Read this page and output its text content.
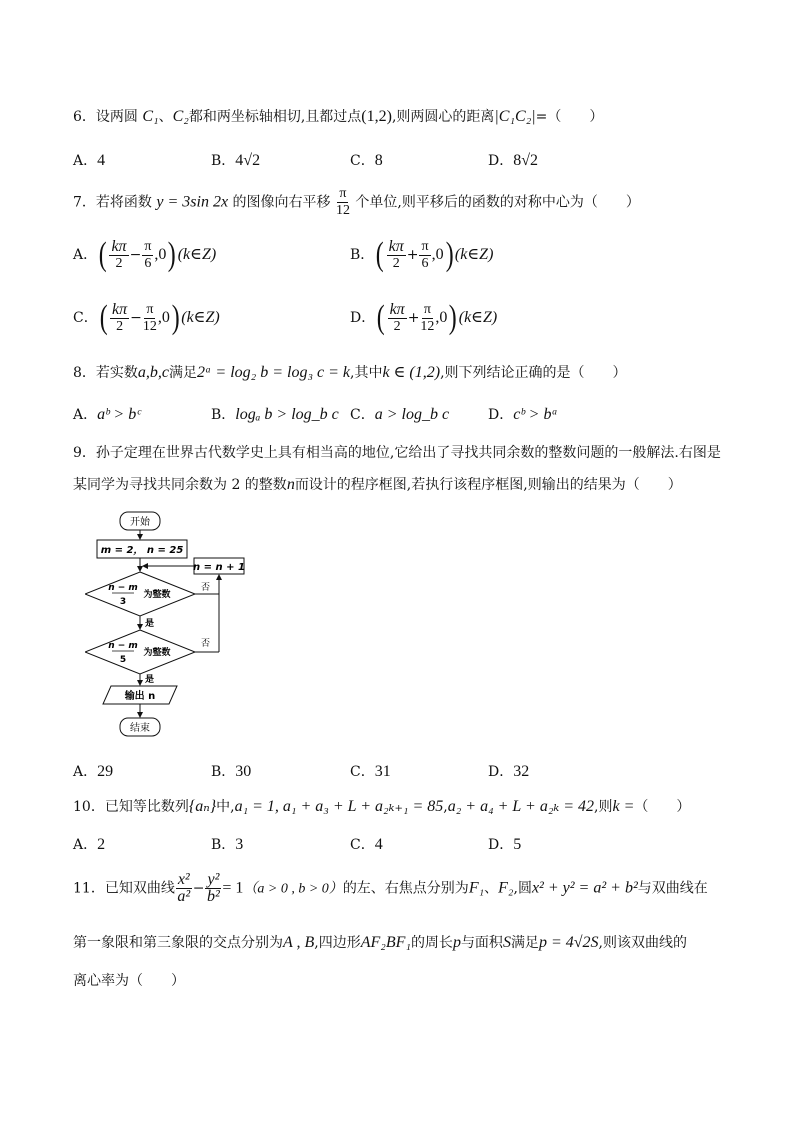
6．设两圆 C₁、C₂都和两坐标轴相切,且都过点(1,2),则两圆心的距离|C₁C₂|=（　　）
A．4	B．4√2	C．8	D．8√2
7．若将函数 y = 3sin 2x 的图像向右平移 $\frac{\pi}{12}$ 个单位,则平移后的函数的对称中心为（　　）
A．( $\frac{k\pi}{2} - \frac{\pi}{6} ,0$) (k∈Z)	B．( $\frac{k\pi}{2} + \frac{\pi}{6} ,0$) (k∈Z)
C．( $\frac{k\pi}{2} - \frac{\pi}{12} ,0$) (k∈Z)	D．( $\frac{k\pi}{2} + \frac{\pi}{12} ,0$) (k∈Z)
8．若实数a,b,c满足2ᵃ = log₂ b = log₃ c = k,其中k ∈ (1,2),则下列结论正确的是（　　）
A．aᵇ > bᶜ	B．logₐ b > log_b c C．a > log_b c	D．cᵇ > bᵃ
9．孙子定理在世界古代数学史上具有相当高的地位,它给出了寻找共同余数的整数问题的一般解法.右图是
某同学为寻找共同余数为 2 的整数n而设计的程序框图,若执行该程序框图,则输出的结果为（　　）
开始
m = 2， n = 25
n = n + 1
n − m
3
为整数
否
是
n − m
5
为整数
否
是
输出 n
结束
A．29	B．30	C．31	D．32
10．已知等比数列{aₙ}中,a₁ = 1, a₁ + a₃ + L + a₂ₖ₊₁ = 85,a₂ + a₄ + L + a₂ₖ = 42,则k =（　　）
A．2	B．3	C．4	D．5
11．已知双曲线 $\frac{\text{x²}}{\text{a²}} - \frac{\text{y²}}{\text{b²}} = 1(a > 0$ , b > 0）的左、右焦点分别为F₁、F₂,圆x² + y² = a² + b²与双曲线在
第一象限和第三象限的交点分别为A , B,四边形AF₂BF₁的周长p与面积S满足p = 4√2S,则该双曲线的
离心率为（　　）
